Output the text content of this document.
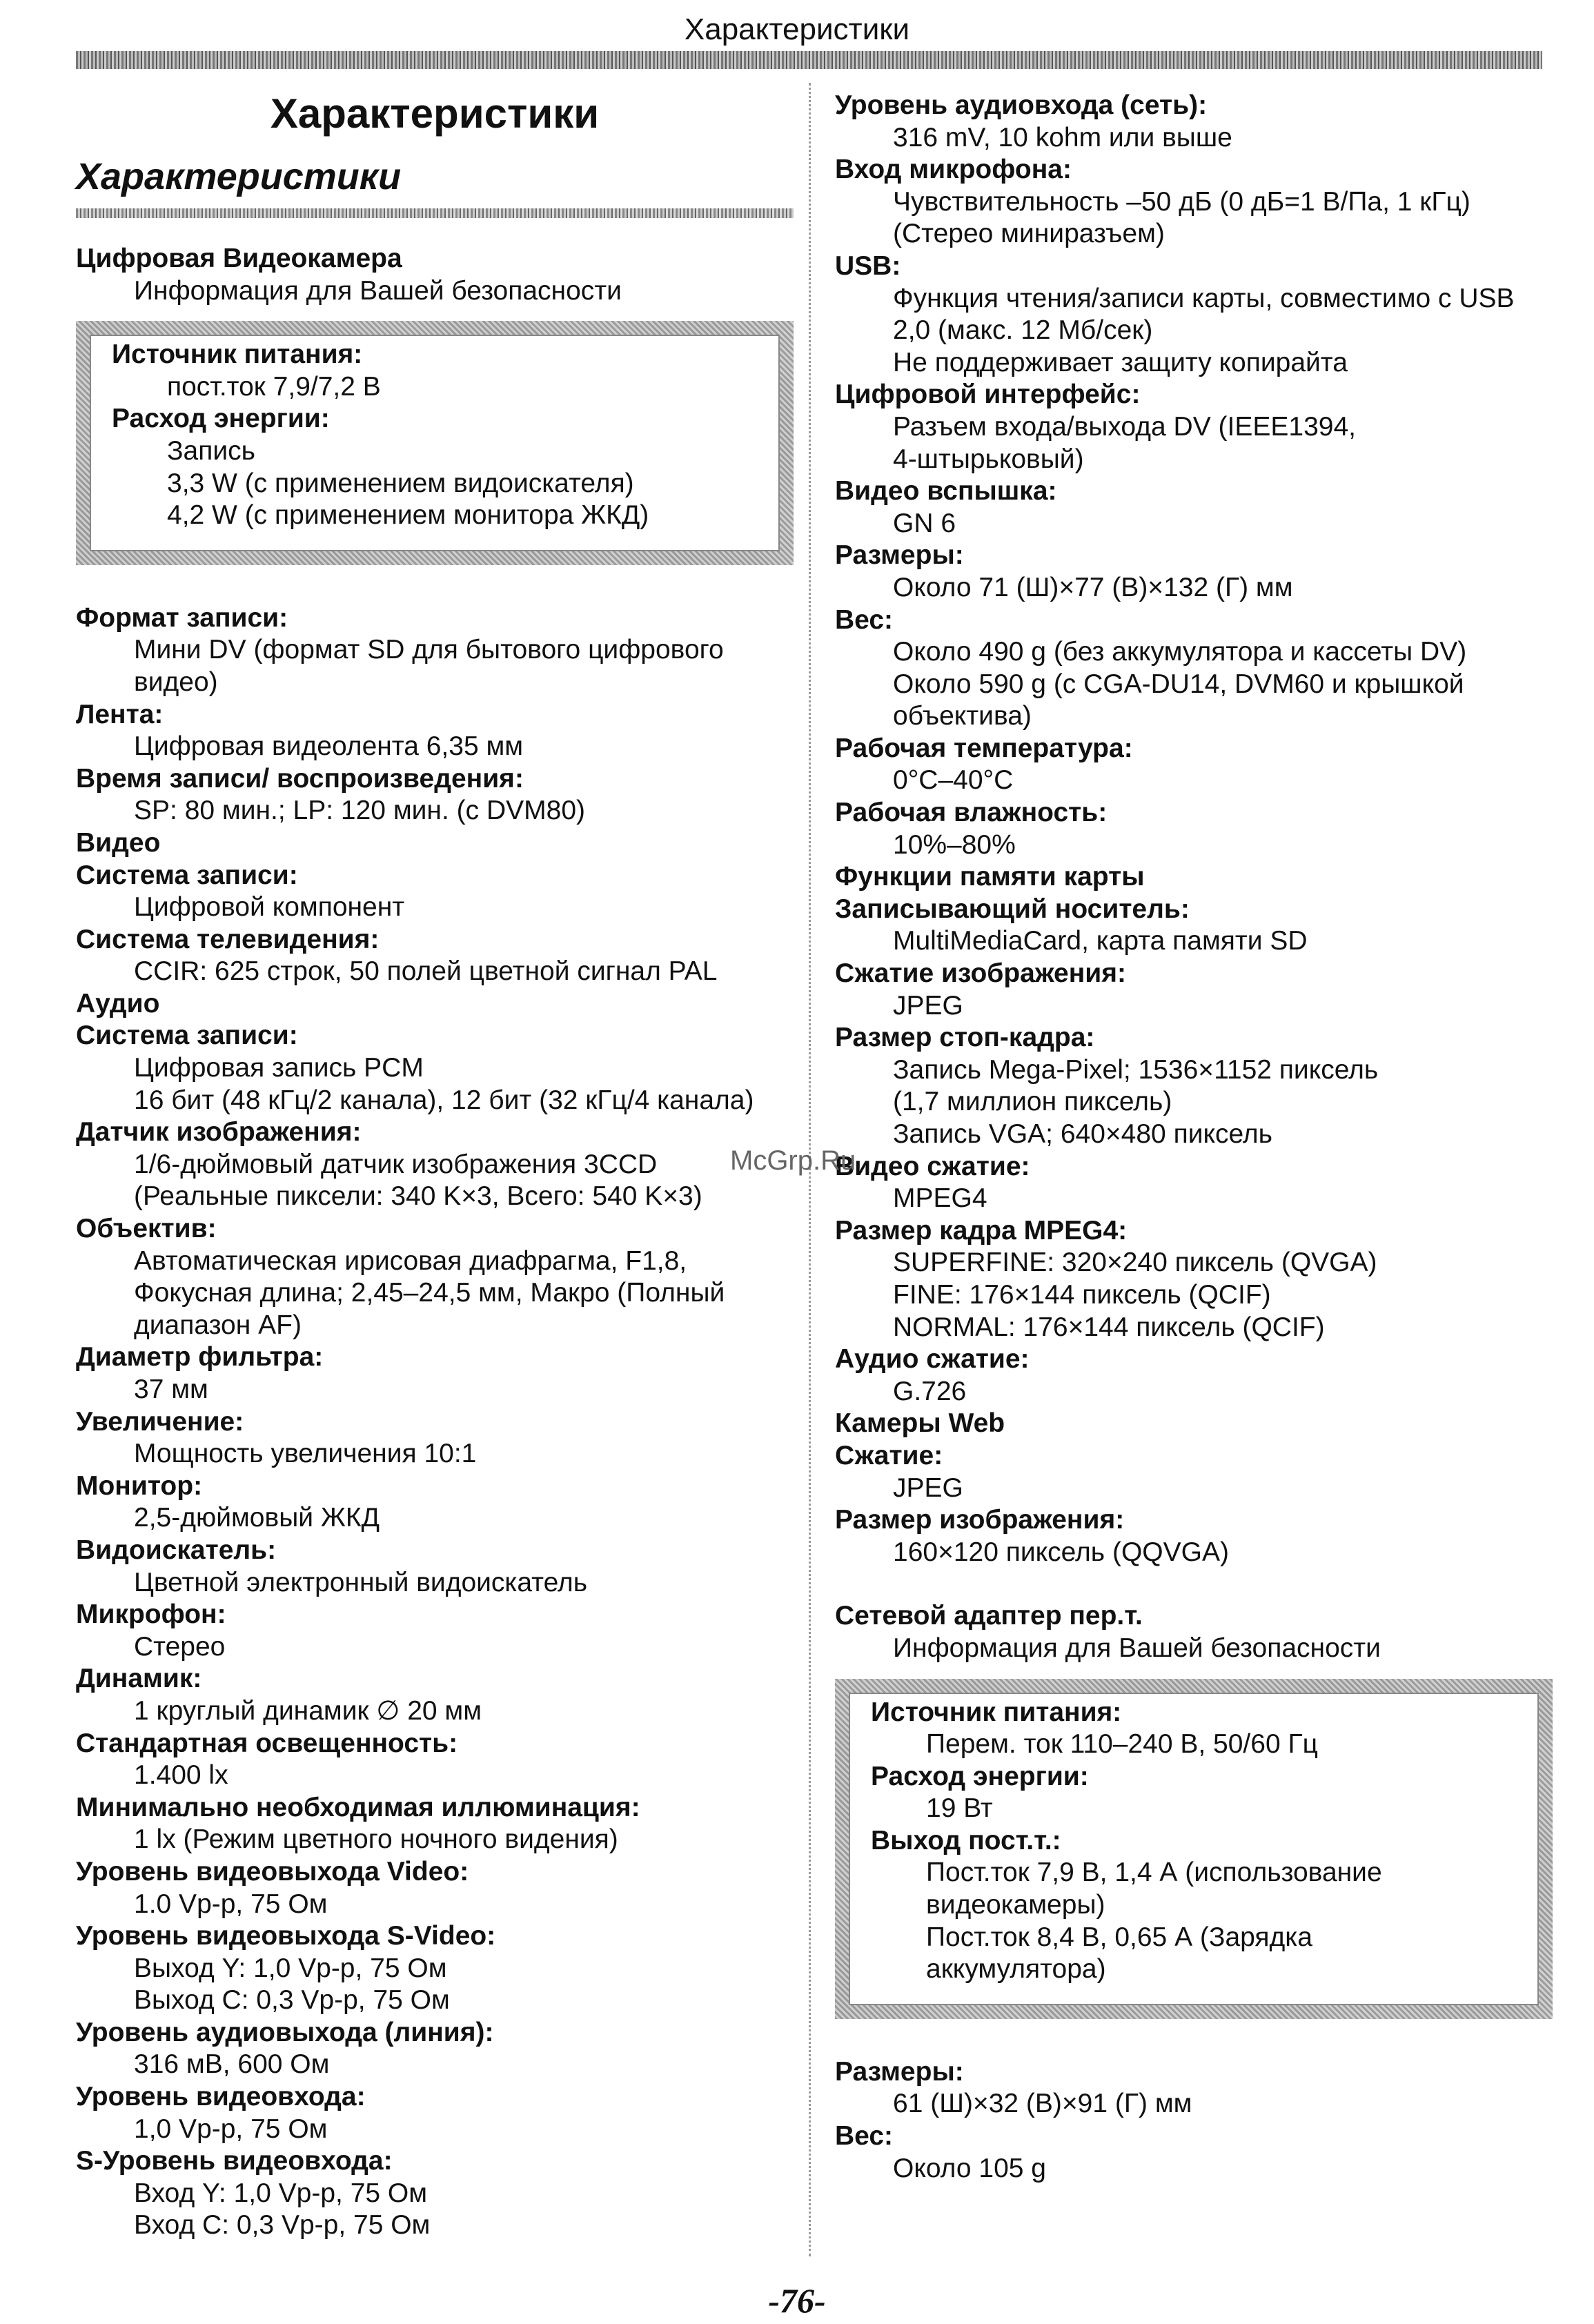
Характеристики
Характеристики
Характеристики
Цифровая Видеокамера
Информация для Вашей безопасности
Источник питания:
пост.ток 7,9/7,2 В
Расход энергии:
Запись
3,3 W (с применением видоискателя)
4,2 W (с применением монитора ЖКД)
Формат записи:
Мини DV (формат SD для бытового цифрового
видео)
Лента:
Цифровая видеолента 6,35 мм
Время записи/ воспроизведения:
SP: 80 мин.; LP: 120 мин. (с DVM80)
Видео
Система записи:
Цифровой компонент
Система телевидения:
CCIR: 625 строк, 50 полей цветной сигнал PAL
Аудио
Система записи:
Цифровая запись PCM
16 бит (48 кГц/2 канала), 12 бит (32 кГц/4 канала)
Датчик изображения:
1/6-дюймовый датчик изображения 3CCD
(Реальные пиксели: 340 K×3, Всего: 540 K×3)
Объектив:
Автоматическая ирисовая диафрагма, F1,8,
Фокусная длина; 2,45–24,5 мм, Макро (Полный
диапазон AF)
Диаметр фильтра:
37 мм
Увеличение:
Мощность увеличения 10:1
Монитор:
2,5-дюймовый ЖКД
Видоискатель:
Цветной электронный видоискатель
Микрофон:
Стерео
Динамик:
1 круглый динамик ∅ 20 мм
Стандартная освещенность:
1.400 lx
Минимально необходимая иллюминация:
1 lx (Режим цветного ночного видения)
Уровень видеовыхода Video:
1.0 Vp-p, 75 Ом
Уровень видеовыхода S-Video:
Выход Y: 1,0 Vp-p, 75 Ом
Выход C: 0,3 Vp-p, 75 Ом
Уровень аудиовыхода (линия):
316 мВ, 600 Ом
Уровень видеовхода:
1,0 Vp-p, 75 Ом
S-Уровень видеовхода:
Вход Y: 1,0 Vp-p, 75 Ом
Вход C: 0,3 Vp-p, 75 Ом
Уровень аудиовхода (сеть):
316 mV, 10 kohm или выше
Вход микрофона:
Чувствительность –50 дБ (0 дБ=1 В/Па, 1 кГц)
(Стерео миниразъем)
USB:
Функция чтения/записи карты, совместимо с USB
2,0 (макс. 12 Мб/сек)
Не поддерживает защиту копирайта
Цифровой интерфейс:
Разъем входа/выхода DV (IEEE1394,
4-штырьковый)
Видео вспышка:
GN 6
Размеры:
Около 71 (Ш)×77 (В)×132 (Г) мм
Вес:
Около 490 g (без аккумулятора и кассеты DV)
Около 590 g (с CGA-DU14, DVM60 и крышкой
объектива)
Рабочая температура:
0°C–40°C
Рабочая влажность:
10%–80%
Функции памяти карты
Записывающий носитель:
MultiMediaCard, карта памяти SD
Сжатие изображения:
JPEG
Размер стоп-кадра:
Запись Mega-Pixel; 1536×1152 пиксель
(1,7 миллион пиксель)
Запись VGA; 640×480 пиксель
Видео сжатие:
MPEG4
Размер кадра MPEG4:
SUPERFINE: 320×240 пиксель (QVGA)
FINE: 176×144 пиксель (QCIF)
NORMAL: 176×144 пиксель (QCIF)
Аудио сжатие:
G.726
Камеры Web
Сжатие:
JPEG
Размер изображения:
160×120 пиксель (QQVGA)
Сетевой адаптер пер.т.
Информация для Вашей безопасности
Источник питания:
Перем. ток 110–240 В, 50/60 Гц
Расход энергии:
19 Вт
Выход пост.т.:
Пост.ток 7,9 В, 1,4 А (использование
видеокамеры)
Пост.ток 8,4 В, 0,65 А (Зарядка
аккумулятора)
Размеры:
61 (Ш)×32 (В)×91 (Г) мм
Вес:
Около 105 g
McGrp.Ru
-76-
